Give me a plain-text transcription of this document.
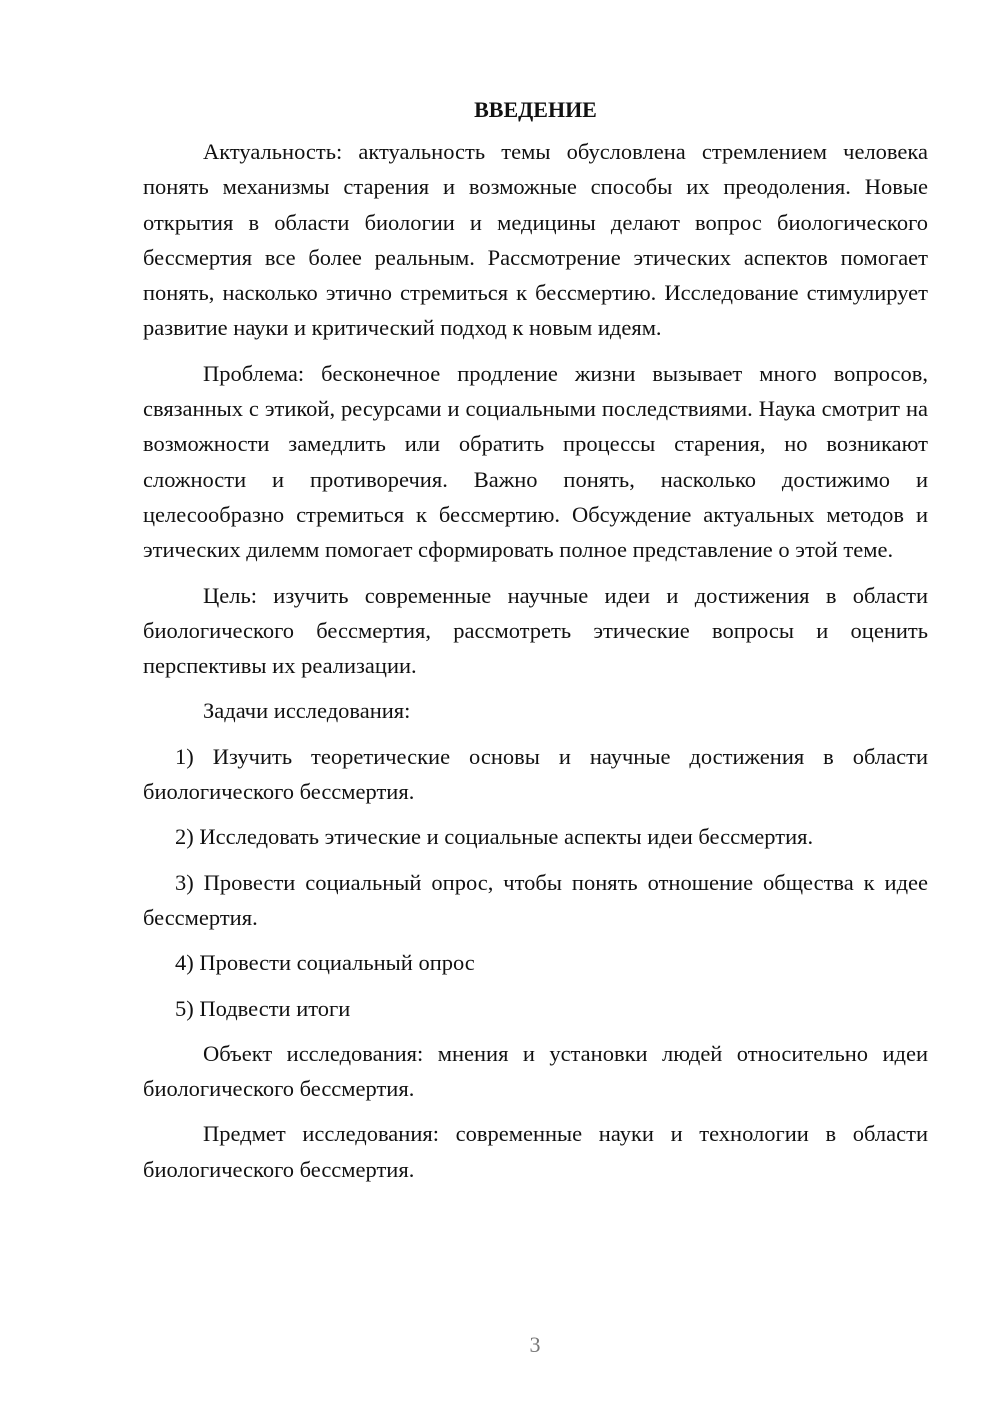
ВВЕДЕНИЕ

Актуальность: актуальность темы обусловлена стремлением человека понять механизмы старения и возможные способы их преодоления. Новые открытия в области биологии и медицины делают вопрос биологического бессмертия все более реальным. Рассмотрение этических аспектов помогает понять, насколько этично стремиться к бессмертию. Исследование стимулирует развитие науки и критический подход к новым идеям.

Проблема: бесконечное продление жизни вызывает много вопросов, связанных с этикой, ресурсами и социальными последствиями. Наука смотрит на возможности замедлить или обратить процессы старения, но возникают сложности и противоречия. Важно понять, насколько достижимо и целесообразно стремиться к бессмертию. Обсуждение актуальных методов и этических дилемм помогает сформировать полное представление о этой теме.

Цель: изучить современные научные идеи и достижения в области биологического бессмертия, рассмотреть этические вопросы и оценить перспективы их реализации.

Задачи исследования:

1) Изучить теоретические основы и научные достижения в области биологического бессмертия.

2) Исследовать этические и социальные аспекты идеи бессмертия.

3) Провести социальный опрос, чтобы понять отношение общества к идее бессмертия.

4) Провести социальный опрос

5) Подвести итоги

Объект исследования: мнения и установки людей относительно идеи биологического бессмертия.

Предмет исследования: современные науки и технологии в области биологического бессмертия.

3
